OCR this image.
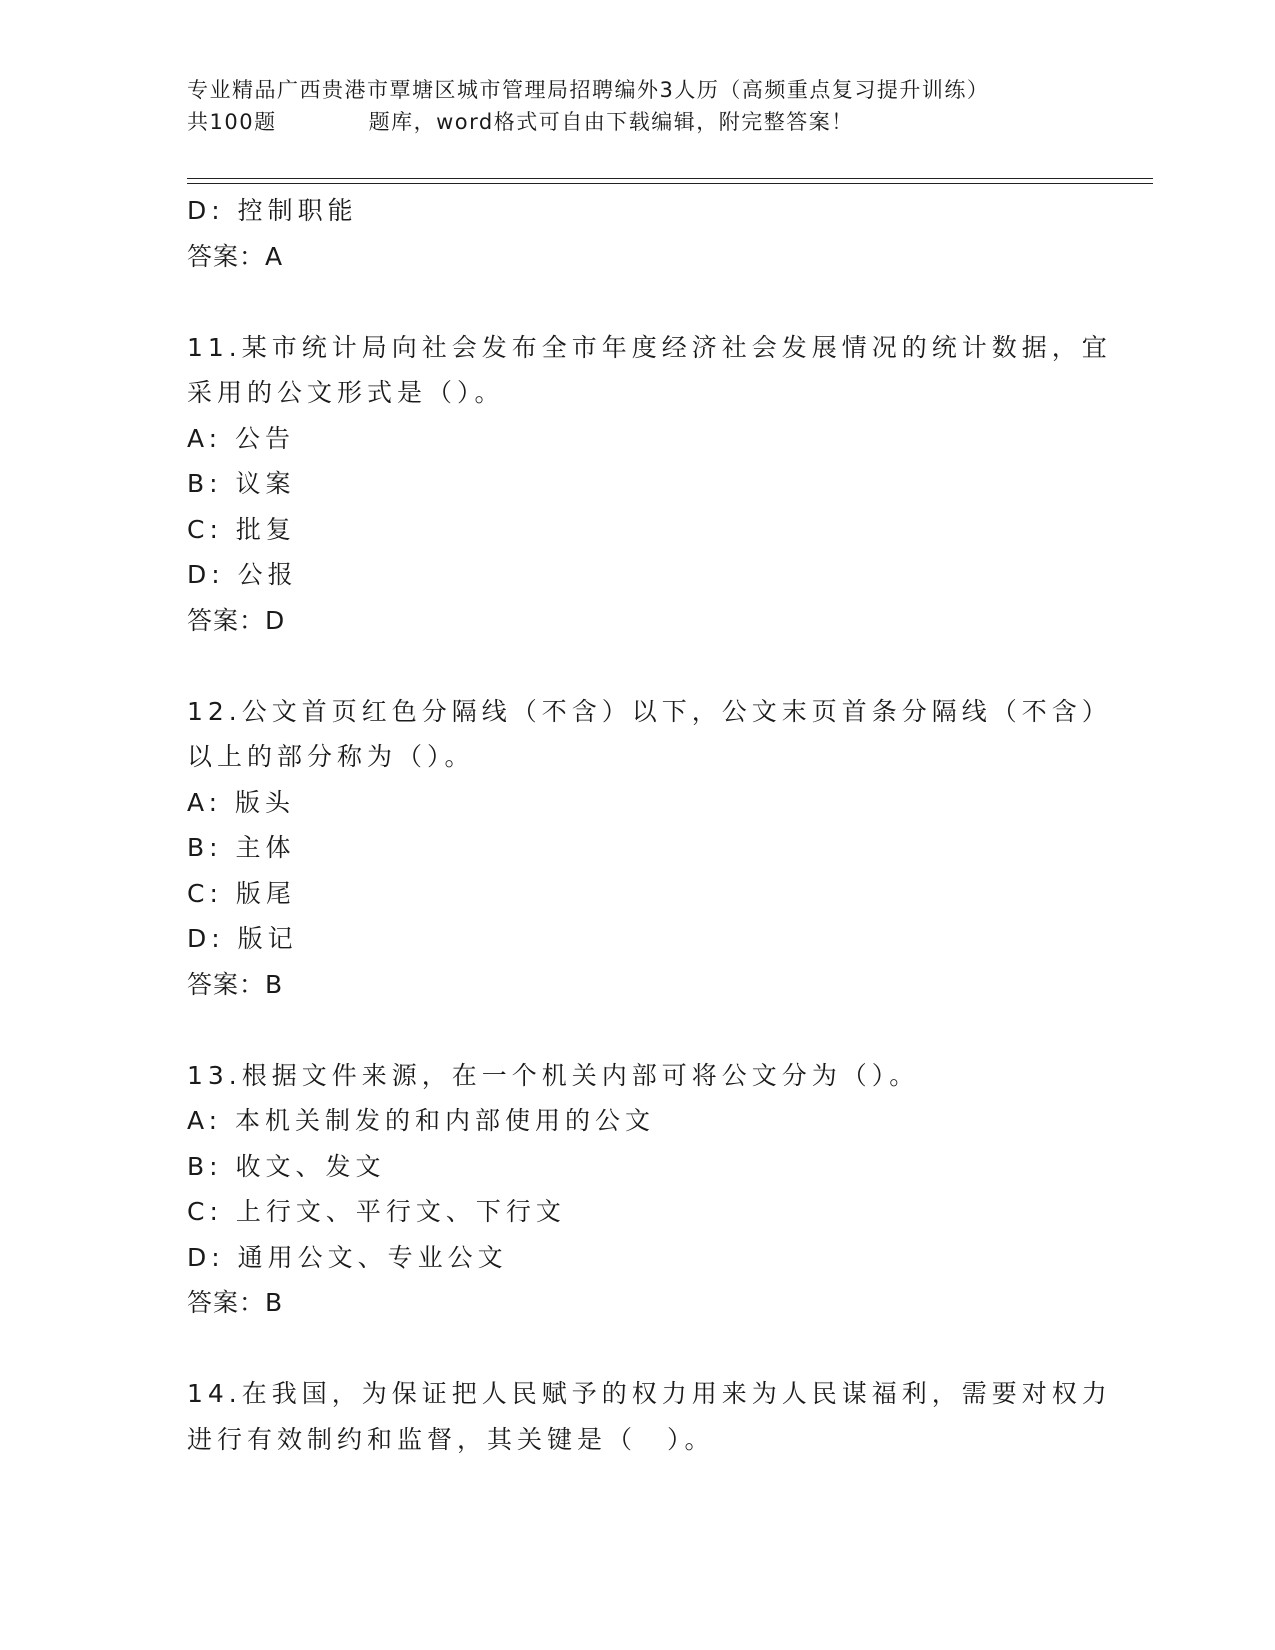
专业精品广西贵港市覃塘区城市管理局招聘编外3人历（高频重点复习提升训练）
共100题	题库，word格式可自由下载编辑，附完整答案！
D: 控制职能
答案：A
11.某市统计局向社会发布全市年度经济社会发展情况的统计数据，宜
采用的公文形式是（）。
A: 公告
B: 议案
C: 批复
D: 公报
答案：D
12.公文首页红色分隔线（不含）以下，公文末页首条分隔线（不含）
以上的部分称为（）。
A: 版头
B: 主体
C: 版尾
D: 版记
答案：B
13.根据文件来源，在一个机关内部可将公文分为（）。
A: 本机关制发的和内部使用的公文
B: 收文、发文
C: 上行文、平行文、下行文
D: 通用公文、专业公文
答案：B
14.在我国，为保证把人民赋予的权力用来为人民谋福利，需要对权力
进行有效制约和监督，其关键是（　）。
